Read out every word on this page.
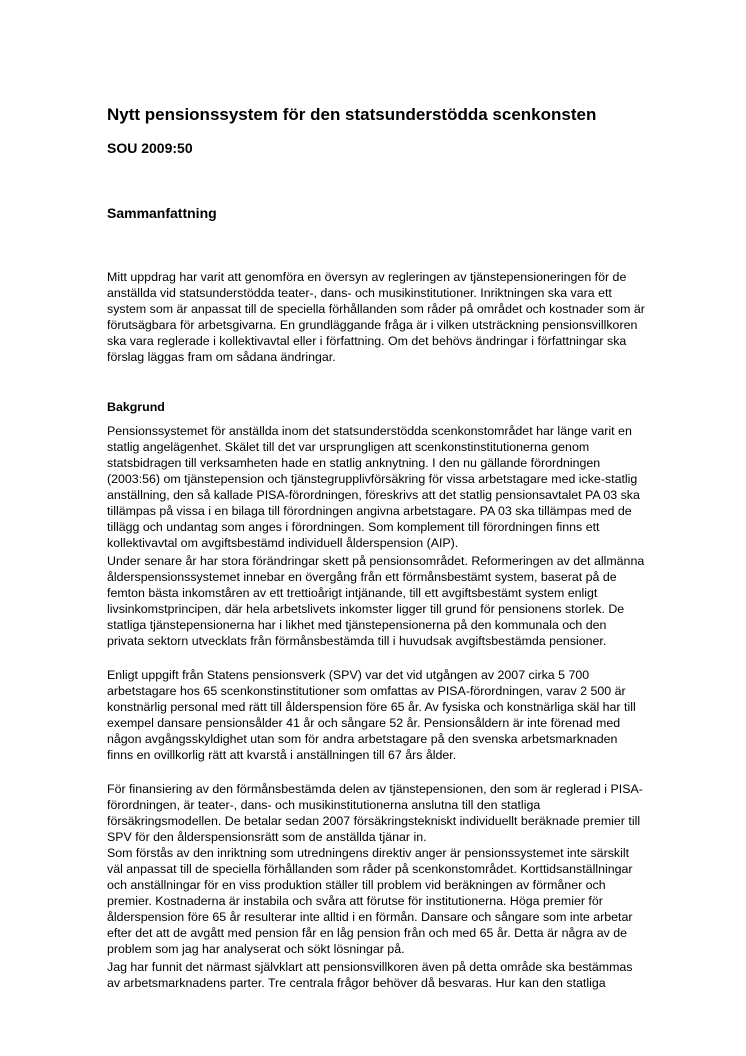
Nytt pensionssystem för den statsunderstödda scenkonsten
SOU 2009:50
Sammanfattning

Mitt uppdrag har varit att genomföra en översyn av regleringen av tjänstepensioneringen för de anställda vid statsunderstödda teater-, dans- och musikinstitutioner. Inriktningen ska vara ett system som är anpassat till de speciella förhållanden som råder på området och kostnader som är förutsägbara för arbetsgivarna. En grundläggande fråga är i vilken utsträckning pensionsvillkoren ska vara reglerade i kollektivavtal eller i författning. Om det behövs ändringar i författningar ska förslag läggas fram om sådana ändringar.

Bakgrund

Pensionssystemet för anställda inom det statsunderstödda scenkonstområdet har länge varit en statlig angelägenhet. Skälet till det var ursprungligen att scenkonstinstitutionerna genom statsbidragen till verksamheten hade en statlig anknytning. I den nu gällande förordningen (2003:56) om tjänstepension och tjänstegrupplivförsäkring för vissa arbetstagare med icke-statlig anställning, den så kallade PISA-förordningen, föreskrivs att det statlig pensionsavtalet PA 03 ska tillämpas på vissa i en bilaga till förordningen angivna arbetstagare. PA 03 ska tillämpas med de tillägg och undantag som anges i förordningen. Som komplement till förordningen finns ett kollektivavtal om avgiftsbestämd individuell ålderspension (AIP).

Under senare år har stora förändringar skett på pensionsområdet. Reformeringen av det allmänna ålderspensionssystemet innebar en övergång från ett förmånsbestämt system, baserat på de femton bästa inkomståren av ett trettioårigt intjänande, till ett avgiftsbestämt system enligt livsinkomstprincipen, där hela arbetslivets inkomster ligger till grund för pensionens storlek. De statliga tjänstepensionerna har i likhet med tjänstepensionerna på den kommunala och den privata sektorn utvecklats från förmånsbestämda till i huvudsak avgiftsbestämda pensioner.

Enligt uppgift från Statens pensionsverk (SPV) var det vid utgången av 2007 cirka 5 700 arbetstagare hos 65 scenkonstinstitutioner som omfattas av PISA-förordningen, varav 2 500 är konstnärlig personal med rätt till ålderspension före 65 år. Av fysiska och konstnärliga skäl har till exempel dansare pensionsålder 41 år och sångare 52 år. Pensionsåldern är inte förenad med någon avgångsskyldighet utan som för andra arbetstagare på den svenska arbetsmarknaden finns en ovillkorlig rätt att kvarstå i anställningen till 67 års ålder.

För finansiering av den förmånsbestämda delen av tjänstepensionen, den som är reglerad i PISA-förordningen, är teater-, dans- och musikinstitutionerna anslutna till den statliga försäkringsmodellen. De betalar sedan 2007 försäkringstekniskt individuellt beräknade premier till SPV för den ålderspensionsrätt som de anställda tjänar in.

Som förstås av den inriktning som utredningens direktiv anger är pensionssystemet inte särskilt väl anpassat till de speciella förhållanden som råder på scenkonstområdet. Korttidsanställningar och anställningar för en viss produktion ställer till problem vid beräkningen av förmåner och premier. Kostnaderna är instabila och svåra att förutse för institutionerna. Höga premier för ålderspension före 65 år resulterar inte alltid i en förmån. Dansare och sångare som inte arbetar efter det att de avgått med pension får en låg pension från och med 65 år. Detta är några av de problem som jag har analyserat och sökt lösningar på.

Jag har funnit det närmast självklart att pensionsvillkoren även på detta område ska bestämmas av arbetsmarknadens parter. Tre centrala frågor behöver då besvaras. Hur kan den statliga
